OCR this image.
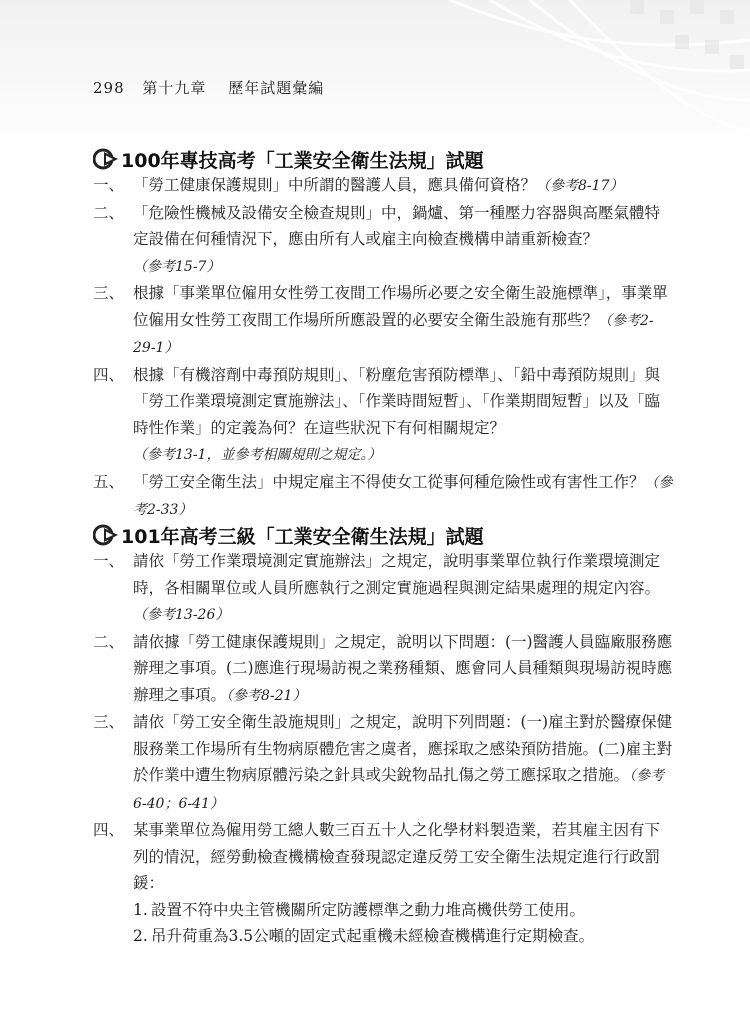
298 第十九章 歷年試題彙編
100年專技高考「工業安全衛生法規」試題
一、 「勞工健康保護規則」中所謂的醫護人員，應具備何資格？（參考8-17）
二、 「危險性機械及設備安全檢查規則」中，鍋爐、第一種壓力容器與高壓氣體特定設備在何種情況下，應由所有人或雇主向檢查機構申請重新檢查？
（參考15-7）
三、 根據「事業單位僱用女性勞工夜間工作場所必要之安全衛生設施標準」，事業單位僱用女性勞工夜間工作場所所應設置的必要安全衛生設施有那些？（參考2-29-1）
四、 根據「有機溶劑中毒預防規則」、「粉塵危害預防標準」、「鉛中毒預防規則」與「勞工作業環境測定實施辦法」、「作業時間短暫」、「作業期間短暫」以及「臨時性作業」的定義為何？在這些狀況下有何相關規定？
（參考13-1，並參考相關規則之規定。）
五、 「勞工安全衛生法」中規定雇主不得使女工從事何種危險性或有害性工作？（參考2-33）
101年高考三級「工業安全衛生法規」試題
一、 請依「勞工作業環境測定實施辦法」之規定，說明事業單位執行作業環境測定時，各相關單位或人員所應執行之測定實施過程與測定結果處理的規定內容。（參考13-26）
二、 請依據「勞工健康保護規則」之規定，說明以下問題：(一)醫護人員臨廠服務應辦理之事項。(二)應進行現場訪視之業務種類、應會同人員種類與現場訪視時應辦理之事項。（參考8-21）
三、 請依「勞工安全衛生設施規則」之規定，說明下列問題：(一)雇主對於醫療保健服務業工作場所有生物病原體危害之虞者，應採取之感染預防措施。(二)雇主對於作業中遭生物病原體污染之針具或尖銳物品扎傷之勞工應採取之措施。（參考6-40；6-41）
四、 某事業單位為僱用勞工總人數三百五十人之化學材料製造業，若其雇主因有下列的情況，經勞動檢查機構檢查發現認定違反勞工安全衛生法規定進行行政罰鍰：
1. 設置不符中央主管機關所定防護標準之動力堆高機供勞工使用。
2. 吊升荷重為3.5公噸的固定式起重機未經檢查機構進行定期檢查。
